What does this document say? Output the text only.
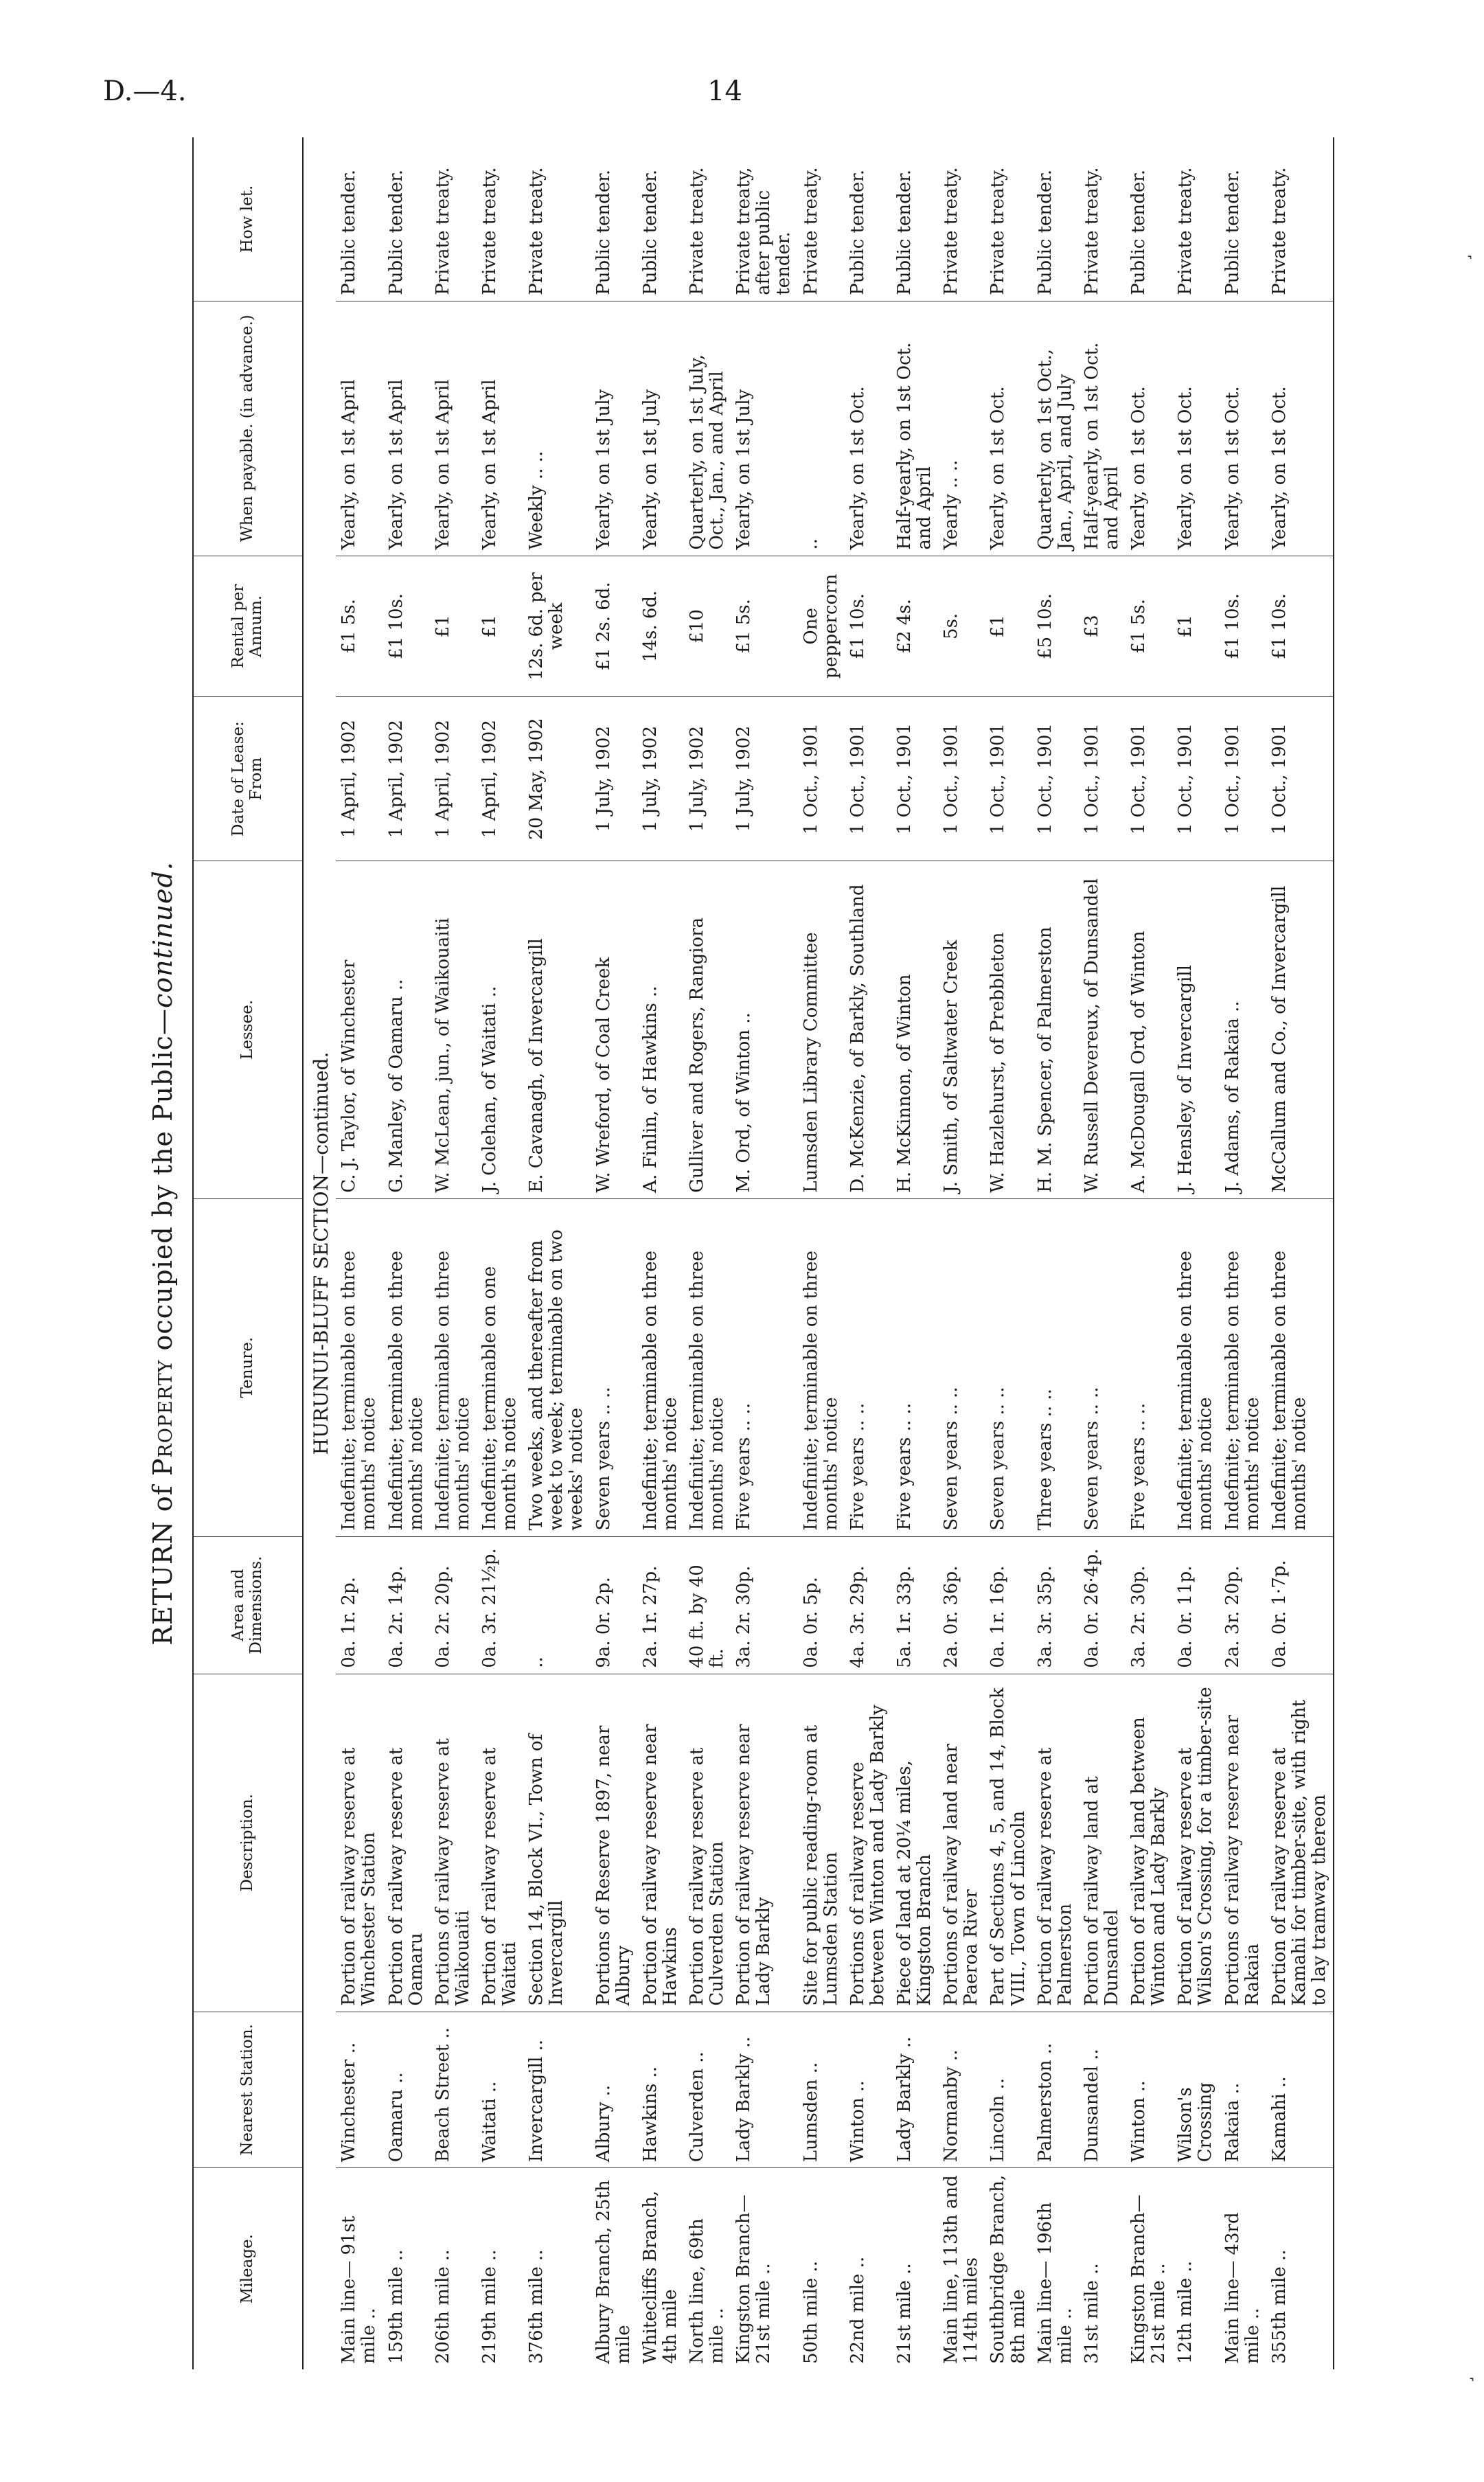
D.—4.	14
˺
˺
RETURN of Property occupied by the Public—continued.
Mileage.	Nearest Station.	Description.	Area and Dimensions.	Tenure.	Lessee.	Date of Lease: From	Rental per Annum.	When payable. (in advance.)	How let.
HURUNUI-BLUFF SECTION—continued.									
Main line— 91st mile ..	Winchester ..	Portion of railway reserve at Winchester Station	0a. 1r. 2p.	Indefinite; terminable on three months' notice	C. J. Taylor, of Winchester	1 April, 1902	£1 5s.	Yearly, on 1st April	Public tender.
159th mile ..	Oamaru ..	Portion of railway reserve at Oamaru	0a. 2r. 14p.	Indefinite; terminable on three months' notice	G. Manley, of Oamaru ..	1 April, 1902	£1 10s.	Yearly, on 1st April	Public tender.
206th mile ..	Beach Street ..	Portions of railway reserve at Waikouaiti	0a. 2r. 20p.	Indefinite; terminable on three months' notice	W. McLean, jun., of Waikouaiti	1 April, 1902	£1	Yearly, on 1st April	Private treaty.
219th mile ..	Waitati ..	Portion of railway reserve at Waitati	0a. 3r. 21½p.	Indefinite; terminable on one month's notice	J. Colehan, of Waitati ..	1 April, 1902	£1	Yearly, on 1st April	Private treaty.
376th mile ..	Invercargill ..	Section 14, Block VI., Town of Invercargill	..	Two weeks, and thereafter from week to week; terminable on two weeks' notice	E. Cavanagh, of Invercargill	20 May, 1902	12s. 6d. per week	Weekly .. ..	Private treaty.
Albury Branch, 25th mile	Albury ..	Portions of Reserve 1897, near Albury	9a. 0r. 2p.	Seven years .. ..	W. Wreford, of Coal Creek	1 July, 1902	£1 2s. 6d.	Yearly, on 1st July	Public tender.
Whitecliffs Branch, 4th mile	Hawkins ..	Portion of railway reserve near Hawkins	2a. 1r. 27p.	Indefinite; terminable on three months' notice	A. Finlin, of Hawkins ..	1 July, 1902	14s. 6d.	Yearly, on 1st July	Public tender.
North line, 69th mile ..	Culverden ..	Portion of railway reserve at Culverden Station	40 ft. by 40 ft.	Indefinite; terminable on three months' notice	Gulliver and Rogers, Rangiora	1 July, 1902	£10	Quarterly, on 1st July, Oct., Jan., and April	Private treaty.
Kingston Branch— 21st mile ..	Lady Barkly ..	Portion of railway reserve near Lady Barkly	3a. 2r. 30p.	Five years .. ..	M. Ord, of Winton ..	1 July, 1902	£1 5s.	Yearly, on 1st July	Private treaty, after public tender.
50th mile ..	Lumsden ..	Site for public reading-room at Lumsden Station	0a. 0r. 5p.	Indefinite; terminable on three months' notice	Lumsden Library Committee	1 Oct., 1901	One peppercorn	..	Private treaty.
22nd mile ..	Winton ..	Portions of railway reserve between Winton and Lady Barkly	4a. 3r. 29p.	Five years .. ..	D. McKenzie, of Barkly, Southland	1 Oct., 1901	£1 10s.	Yearly, on 1st Oct.	Public tender.
21st mile ..	Lady Barkly ..	Piece of land at 20¼ miles, Kingston Branch	5a. 1r. 33p.	Five years .. ..	H. McKinnon, of Winton	1 Oct., 1901	£2 4s.	Half-yearly, on 1st Oct. and April	Public tender.
Main line, 113th and 114th miles	Normanby ..	Portions of railway land near Paeroa River	2a. 0r. 36p.	Seven years .. ..	J. Smith, of Saltwater Creek	1 Oct., 1901	5s.	Yearly .. ..	Private treaty.
Southbridge Branch, 8th mile	Lincoln ..	Part of Sections 4, 5, and 14, Block VIII., Town of Lincoln	0a. 1r. 16p.	Seven years .. ..	W. Hazlehurst, of Prebbleton	1 Oct., 1901	£1	Yearly, on 1st Oct.	Private treaty.
Main line— 196th mile ..	Palmerston ..	Portion of railway reserve at Palmerston	3a. 3r. 35p.	Three years .. ..	H. M. Spencer, of Palmerston	1 Oct., 1901	£5 10s.	Quarterly, on 1st Oct., Jan., April, and July	Public tender.
31st mile ..	Dunsandel ..	Portion of railway land at Dunsandel	0a. 0r. 26·4p.	Seven years .. ..	W. Russell Devereux, of Dunsandel	1 Oct., 1901	£3	Half-yearly, on 1st Oct. and April	Private treaty.
Kingston Branch— 21st mile ..	Winton ..	Portion of railway land between Winton and Lady Barkly	3a. 2r. 30p.	Five years .. ..	A. McDougall Ord, of Winton	1 Oct., 1901	£1 5s.	Yearly, on 1st Oct.	Public tender.
12th mile ..	Wilson's Crossing	Portion of railway reserve at Wilson's Crossing, for a timber-site	0a. 0r. 11p.	Indefinite; terminable on three months' notice	J. Hensley, of Invercargill	1 Oct., 1901	£1	Yearly, on 1st Oct.	Private treaty.
Main line— 43rd mile ..	Rakaia ..	Portions of railway reserve near Rakaia	2a. 3r. 20p.	Indefinite; terminable on three months' notice	J. Adams, of Rakaia ..	1 Oct., 1901	£1 10s.	Yearly, on 1st Oct.	Public tender.
355th mile ..	Kamahi ..	Portion of railway reserve at Kamahi for timber-site, with right to lay tramway thereon	0a. 0r. 1·7p.	Indefinite; terminable on three months' notice	McCallum and Co., of Invercargill	1 Oct., 1901	£1 10s.	Yearly, on 1st Oct.	Private treaty.
